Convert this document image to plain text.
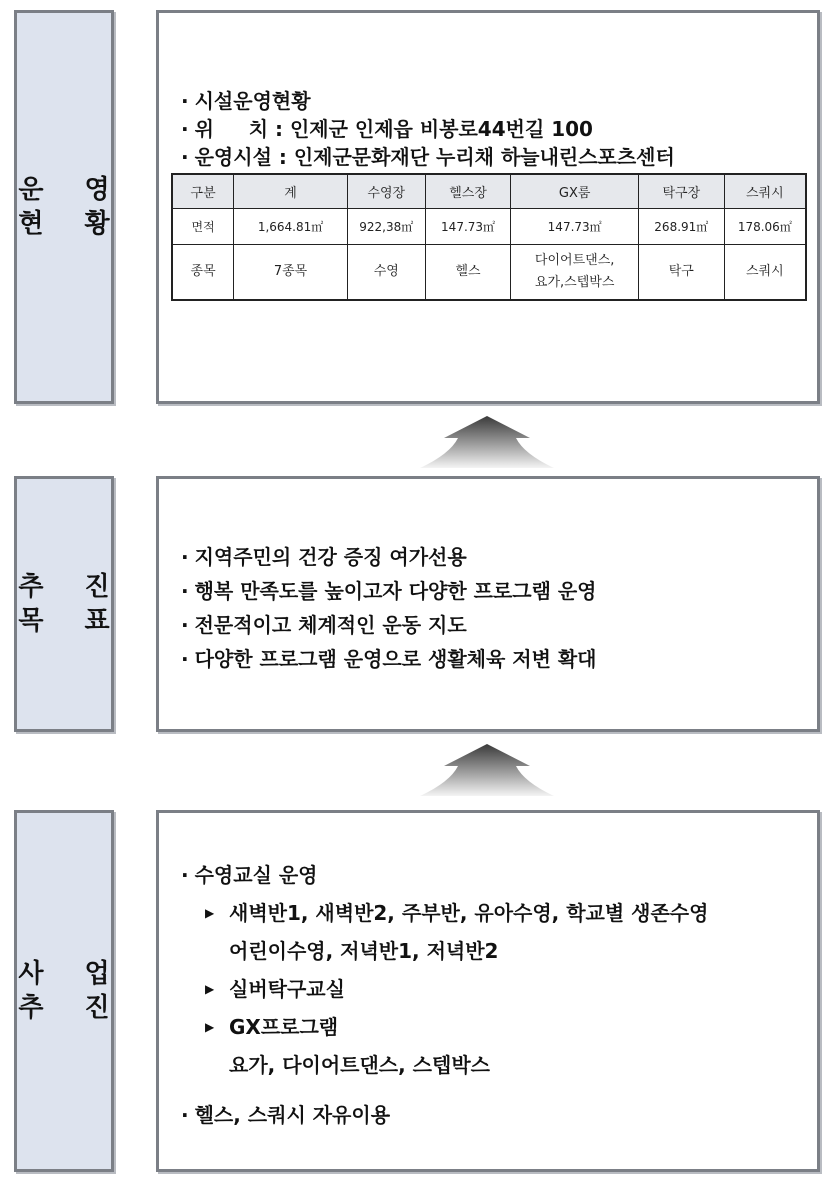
운 영
현 황
· 시설운영현황
· 위     치 : 인제군 인제읍 비봉로44번길 100
· 운영시설 : 인제군문화재단 누리채 하늘내린스포츠센터
구분	계	수영장	헬스장	GX룸	탁구장	스쿼시
면적	1,664.81㎡	922,38㎡	147.73㎡	147.73㎡	268.91㎡	178.06㎡
종목	7종목	수영	헬스	다이어트댄스,
요가,스텝박스	탁구	스쿼시
추 진
목 표
· 지역주민의 건강 증징 여가선용
· 행복 만족도를 높이고자 다양한 프로그램 운영
· 전문적이고 체계적인 운동 지도
· 다양한 프로그램 운영으로 생활체육 저변 확대
사 업
추 진
· 수영교실 운영
▶ 새벽반1, 새벽반2, 주부반, 유아수영, 학교별 생존수영
어린이수영, 저녁반1, 저녁반2
▶ 실버탁구교실
▶ GX프로그램
요가, 다이어트댄스, 스텝박스
· 헬스, 스쿼시 자유이용
